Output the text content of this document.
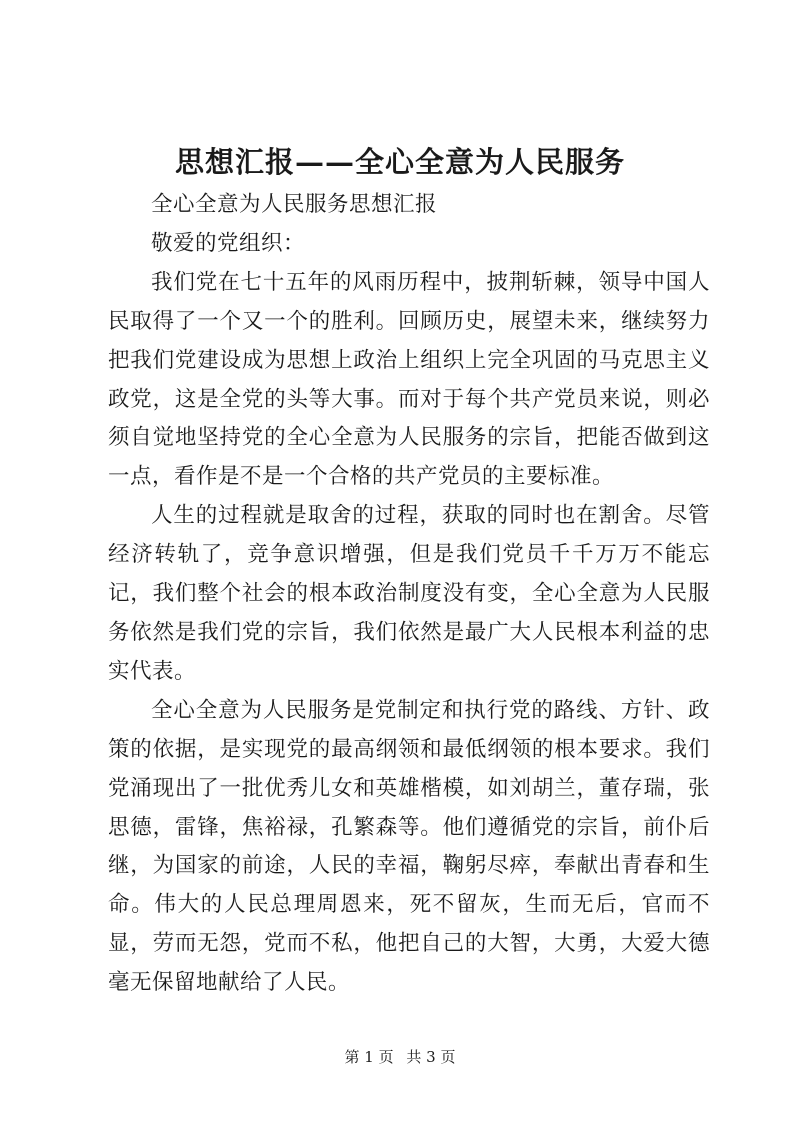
思想汇报——全心全意为人民服务

全心全意为人民服务思想汇报

敬爱的党组织：

我们党在七十五年的风雨历程中，披荆斩棘，领导中国人民取得了一个又一个的胜利。回顾历史，展望未来，继续努力把我们党建设成为思想上政治上组织上完全巩固的马克思主义政党，这是全党的头等大事。而对于每个共产党员来说，则必须自觉地坚持党的全心全意为人民服务的宗旨，把能否做到这一点，看作是不是一个合格的共产党员的主要标准。

人生的过程就是取舍的过程，获取的同时也在割舍。尽管经济转轨了，竞争意识增强，但是我们党员千千万万不能忘记，我们整个社会的根本政治制度没有变，全心全意为人民服务依然是我们党的宗旨，我们依然是最广大人民根本利益的忠实代表。

全心全意为人民服务是党制定和执行党的路线、方针、政策的依据，是实现党的最高纲领和最低纲领的根本要求。我们党涌现出了一批优秀儿女和英雄楷模，如刘胡兰，董存瑞，张思德，雷锋，焦裕禄，孔繁森等。他们遵循党的宗旨，前仆后继，为国家的前途，人民的幸福，鞠躬尽瘁，奉献出青春和生命。伟大的人民总理周恩来，死不留灰，生而无后，官而不显，劳而无怨，党而不私，他把自己的大智，大勇，大爱大德毫无保留地献给了人民。

第 1 页 共 3 页
